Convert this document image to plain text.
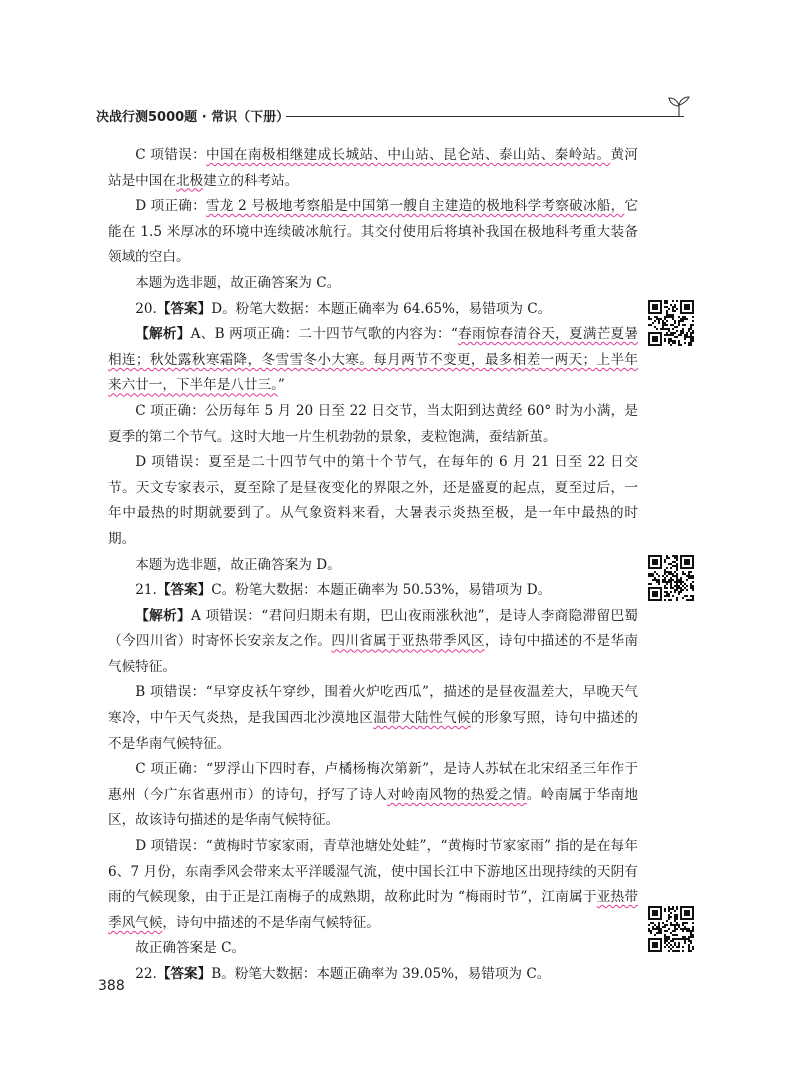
决战行测5000题 · 常识（下册）

C 项错误：中国在南极相继建成长城站、中山站、昆仑站、泰山站、秦岭站。黄河站是中国在北极建立的科考站。

D 项正确：雪龙 2 号极地考察船是中国第一艘自主建造的极地科学考察破冰船，它能在 1.5 米厚冰的环境中连续破冰航行。其交付使用后将填补我国在极地科考重大装备领域的空白。

本题为选非题，故正确答案为 C。

20.【答案】D。粉笔大数据：本题正确率为 64.65%，易错项为 C。

【解析】A、B 两项正确：二十四节气歌的内容为：“春雨惊春清谷天，夏满芒夏暑相连；秋处露秋寒霜降，冬雪雪冬小大寒。每月两节不变更，最多相差一两天；上半年来六廿一，下半年是八廿三。”

C 项正确：公历每年 5 月 20 日至 22 日交节，当太阳到达黄经 60° 时为小满，是夏季的第二个节气。这时大地一片生机勃勃的景象，麦粒饱满，蚕结新茧。

D 项错误：夏至是二十四节气中的第十个节气，在每年的 6 月 21 日至 22 日交节。天文专家表示，夏至除了是昼夜变化的界限之外，还是盛夏的起点，夏至过后，一年中最热的时期就要到了。从气象资料来看，大暑表示炎热至极，是一年中最热的时期。

本题为选非题，故正确答案为 D。

21.【答案】C。粉笔大数据：本题正确率为 50.53%，易错项为 D。

【解析】A 项错误：“君问归期未有期，巴山夜雨涨秋池”，是诗人李商隐滞留巴蜀（今四川省）时寄怀长安亲友之作。四川省属于亚热带季风区，诗句中描述的不是华南气候特征。

B 项错误：“早穿皮袄午穿纱，围着火炉吃西瓜”，描述的是昼夜温差大，早晚天气寒冷，中午天气炎热，是我国西北沙漠地区温带大陆性气候的形象写照，诗句中描述的不是华南气候特征。

C 项正确：“罗浮山下四时春，卢橘杨梅次第新”，是诗人苏轼在北宋绍圣三年作于惠州（今广东省惠州市）的诗句，抒写了诗人对岭南风物的热爱之情。岭南属于华南地区，故该诗句描述的是华南气候特征。

D 项错误：“黄梅时节家家雨，青草池塘处处蛙”，“黄梅时节家家雨” 指的是在每年 6、7 月份，东南季风会带来太平洋暖湿气流，使中国长江中下游地区出现持续的天阴有雨的气候现象，由于正是江南梅子的成熟期，故称此时为 “梅雨时节”，江南属于亚热带季风气候，诗句中描述的不是华南气候特征。

故正确答案是 C。

22.【答案】B。粉笔大数据：本题正确率为 39.05%，易错项为 C。

388
